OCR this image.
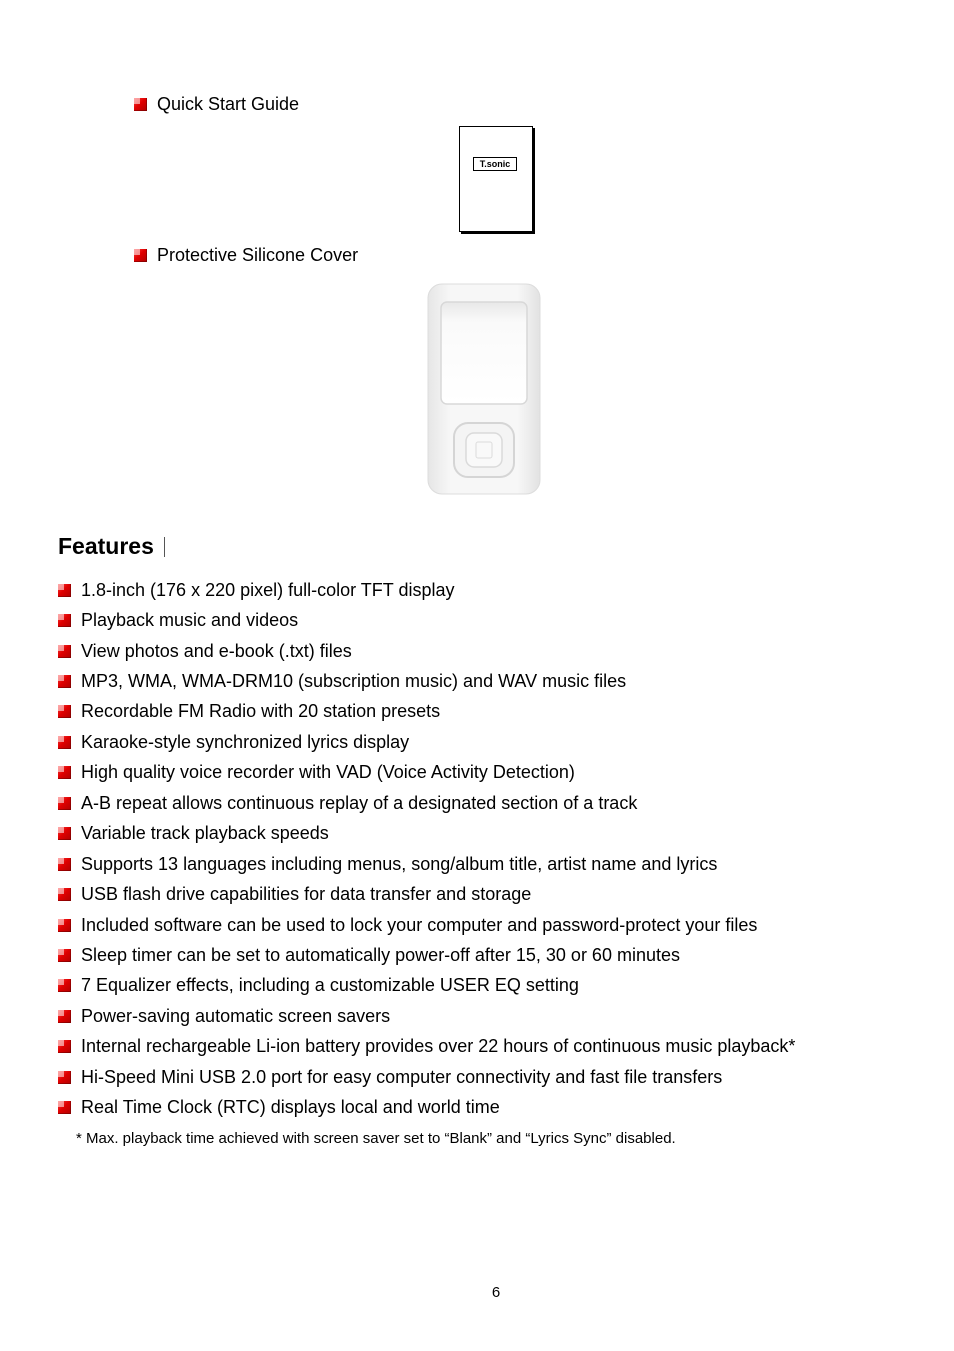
Quick Start Guide
T.sonic
Protective Silicone Cover
Features
1.8-inch (176 x 220 pixel) full-color TFT display
Playback music and videos
View photos and e-book (.txt) files
MP3, WMA, WMA-DRM10 (subscription music) and WAV music files
Recordable FM Radio with 20 station presets
Karaoke-style synchronized lyrics display
High quality voice recorder with VAD (Voice Activity Detection)
A-B repeat allows continuous replay of a designated section of a track
Variable track playback speeds
Supports 13 languages including menus, song/album title, artist name and lyrics
USB flash drive capabilities for data transfer and storage
Included software can be used to lock your computer and password-protect your files
Sleep timer can be set to automatically power-off after 15, 30 or 60 minutes
7 Equalizer effects, including a customizable USER EQ setting
Power-saving automatic screen savers
Internal rechargeable Li-ion battery provides over 22 hours of continuous music playback*
Hi-Speed Mini USB 2.0 port for easy computer connectivity and fast file transfers
Real Time Clock (RTC) displays local and world time
* Max. playback time achieved with screen saver set to “Blank” and “Lyrics Sync” disabled.
6
